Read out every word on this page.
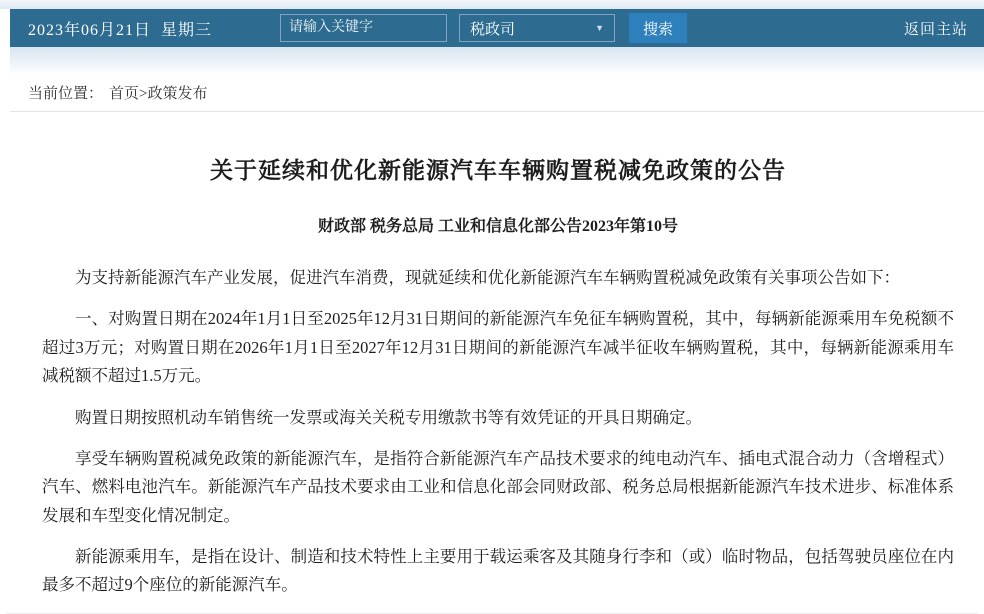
2023年06月21日  星期三
请输入关键字	税政司	▼	搜索	返回主站
当前位置： 首页>政策发布
关于延续和优化新能源汽车车辆购置税减免政策的公告
财政部 税务总局 工业和信息化部公告2023年第10号

为支持新能源汽车产业发展，促进汽车消费，现就延续和优化新能源汽车车辆购置税减免政策有关事项公告如下：

一、对购置日期在2024年1月1日至2025年12月31日期间的新能源汽车免征车辆购置税，其中，每辆新能源乘用车免税额不超过3万元；对购置日期在2026年1月1日至2027年12月31日期间的新能源汽车减半征收车辆购置税，其中，每辆新能源乘用车减税额不超过1.5万元。

购置日期按照机动车销售统一发票或海关关税专用缴款书等有效凭证的开具日期确定。

享受车辆购置税减免政策的新能源汽车，是指符合新能源汽车产品技术要求的纯电动汽车、插电式混合动力（含增程式）汽车、燃料电池汽车。新能源汽车产品技术要求由工业和信息化部会同财政部、税务总局根据新能源汽车技术进步、标准体系发展和车型变化情况制定。

新能源乘用车，是指在设计、制造和技术特性上主要用于载运乘客及其随身行李和（或）临时物品，包括驾驶员座位在内最多不超过9个座位的新能源汽车。
